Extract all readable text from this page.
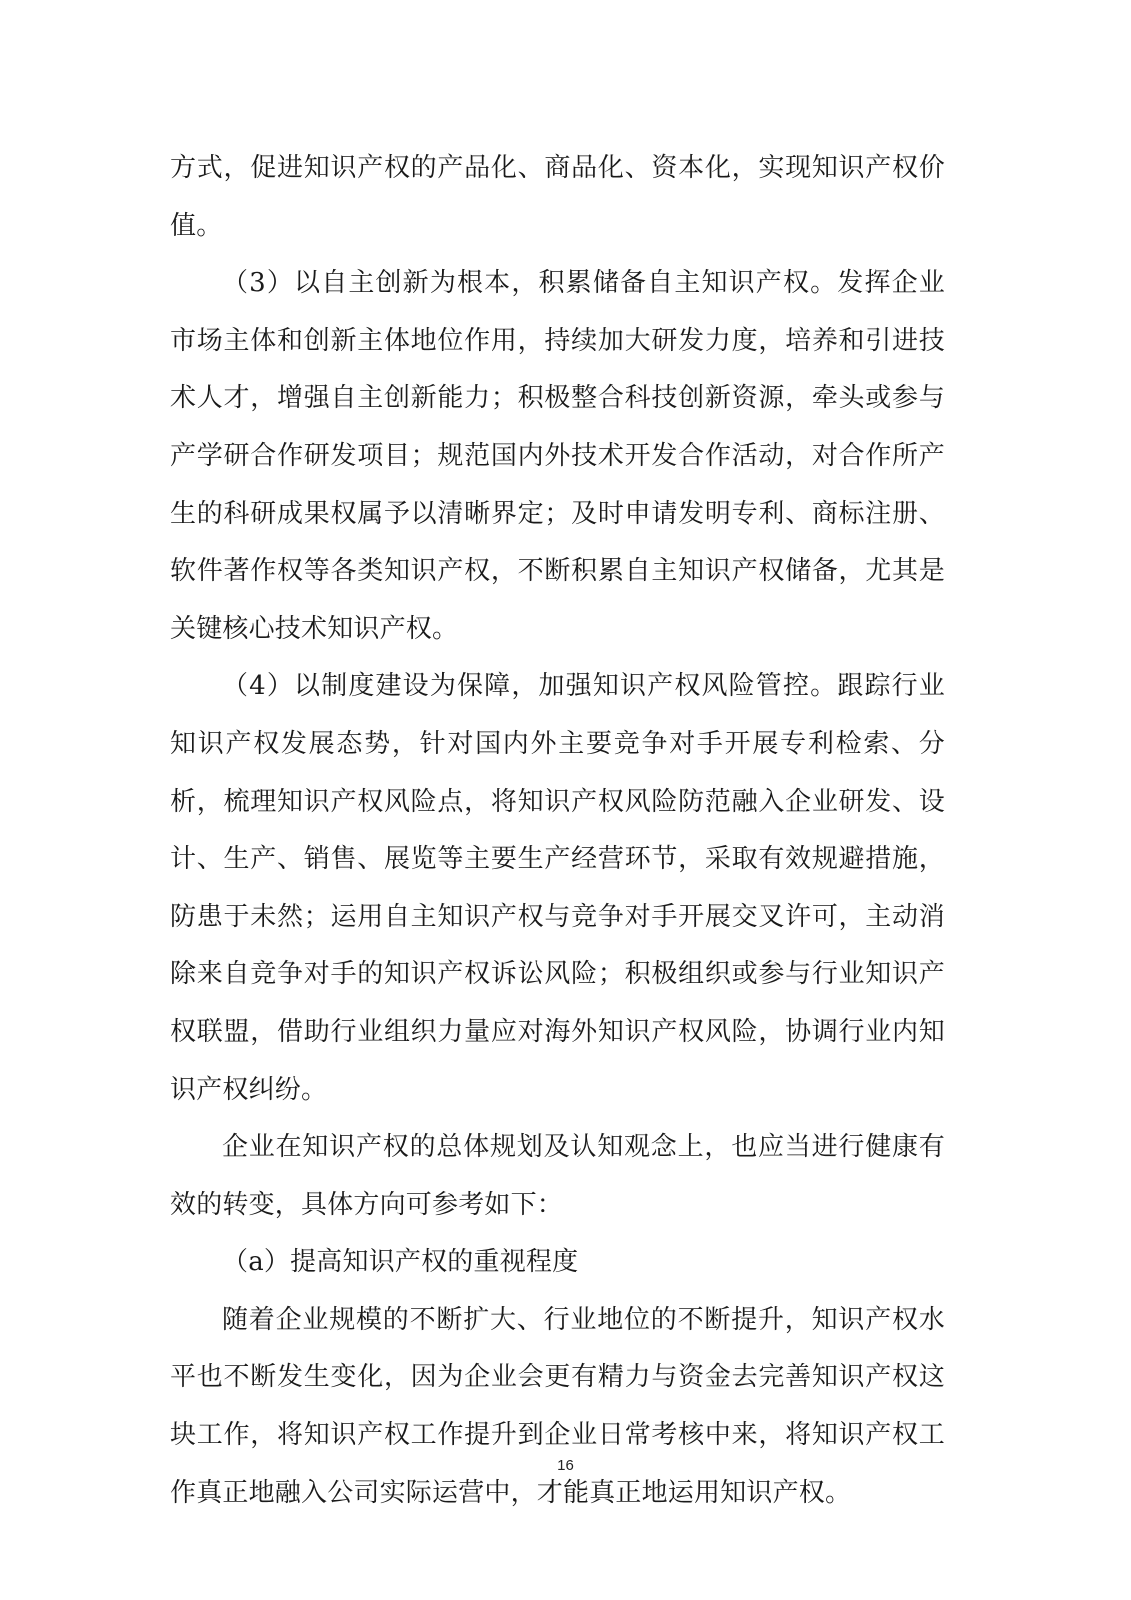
方式，促进知识产权的产品化、商品化、资本化，实现知识产权价值。

（3）以自主创新为根本，积累储备自主知识产权。发挥企业市场主体和创新主体地位作用，持续加大研发力度，培养和引进技术人才，增强自主创新能力；积极整合科技创新资源，牵头或参与产学研合作研发项目；规范国内外技术开发合作活动，对合作所产生的科研成果权属予以清晰界定；及时申请发明专利、商标注册、软件著作权等各类知识产权，不断积累自主知识产权储备，尤其是关键核心技术知识产权。

（4）以制度建设为保障，加强知识产权风险管控。跟踪行业知识产权发展态势，针对国内外主要竞争对手开展专利检索、分析，梳理知识产权风险点，将知识产权风险防范融入企业研发、设计、生产、销售、展览等主要生产经营环节，采取有效规避措施，防患于未然；运用自主知识产权与竞争对手开展交叉许可，主动消除来自竞争对手的知识产权诉讼风险；积极组织或参与行业知识产权联盟，借助行业组织力量应对海外知识产权风险，协调行业内知识产权纠纷。

企业在知识产权的总体规划及认知观念上，也应当进行健康有效的转变，具体方向可参考如下：

（a）提高知识产权的重视程度

随着企业规模的不断扩大、行业地位的不断提升，知识产权水平也不断发生变化，因为企业会更有精力与资金去完善知识产权这块工作，将知识产权工作提升到企业日常考核中来，将知识产权工作真正地融入公司实际运营中，才能真正地运用知识产权。

16
